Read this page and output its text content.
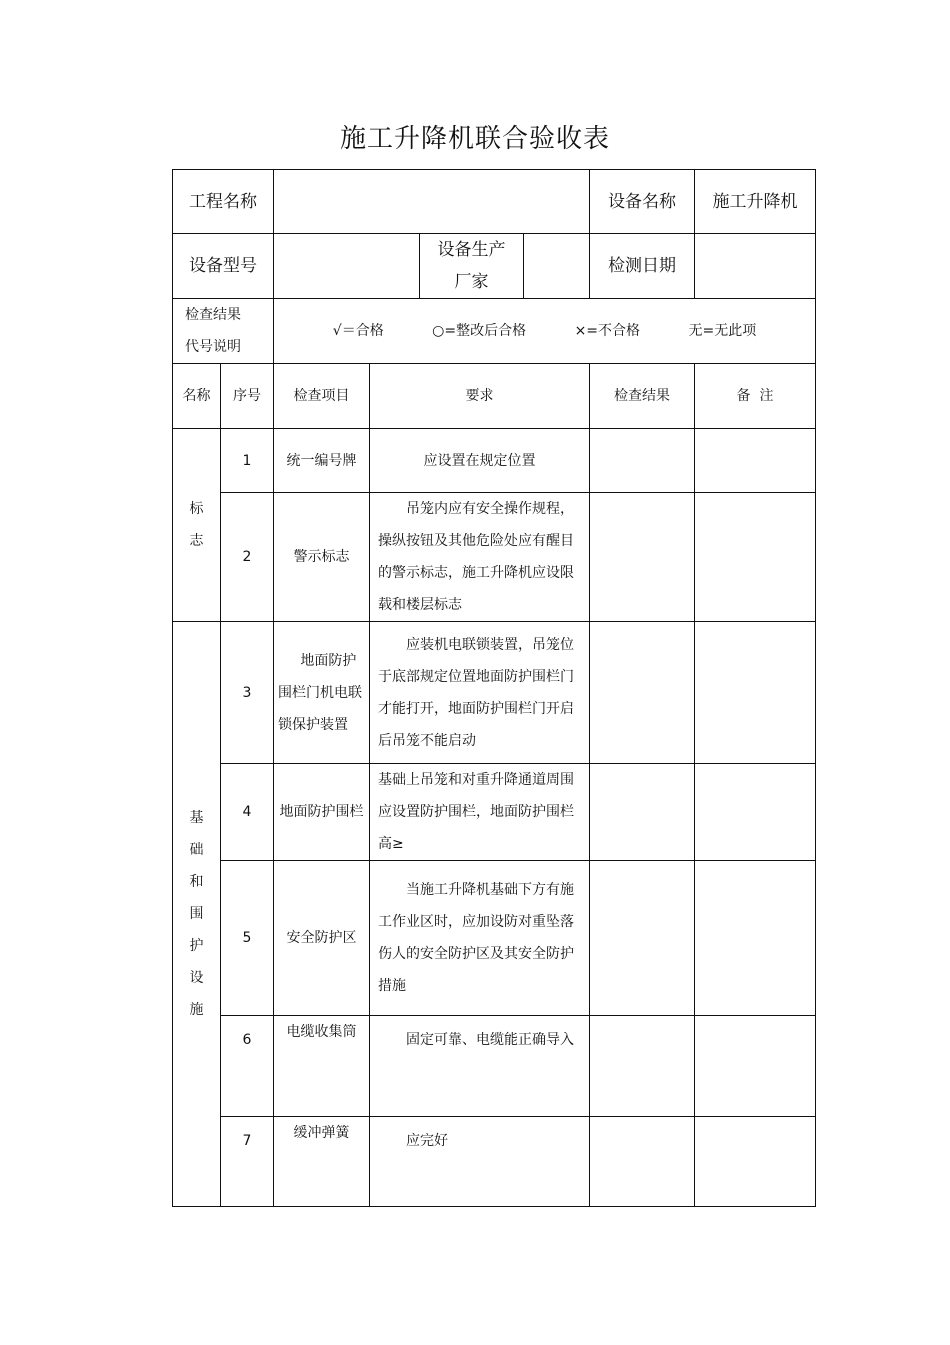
施工升降机联合验收表
工程名称						设备名称	施工升降机
设备型号				设备生产厂家		检测日期	
检查结果代号说明		√＝合格 ○=整改后合格 ×=不合格 无=无此项					
名称	序号	检查项目	要求			检查结果	备  注
标志	1	统一编号牌	应设置在规定位置				
	2	警示标志	吊笼内应有安全操作规程，操纵按钮及其他危险处应有醒目的警示标志，施工升降机应设限载和楼层标志				
基础和围护设施	3	地面防护围栏门机电联锁保护装置	应装机电联锁装置，吊笼位于底部规定位置地面防护围栏门才能打开，地面防护围栏门开启后吊笼不能启动				
	4	地面防护围栏	基础上吊笼和对重升降通道周围应设置防护围栏，地面防护围栏高≥				
	5	安全防护区	当施工升降机基础下方有施工作业区时，应加设防对重坠落伤人的安全防护区及其安全防护措施				
	6	电缆收集筒	固定可靠、电缆能正确导入				
	7	缓冲弹簧	应完好				
